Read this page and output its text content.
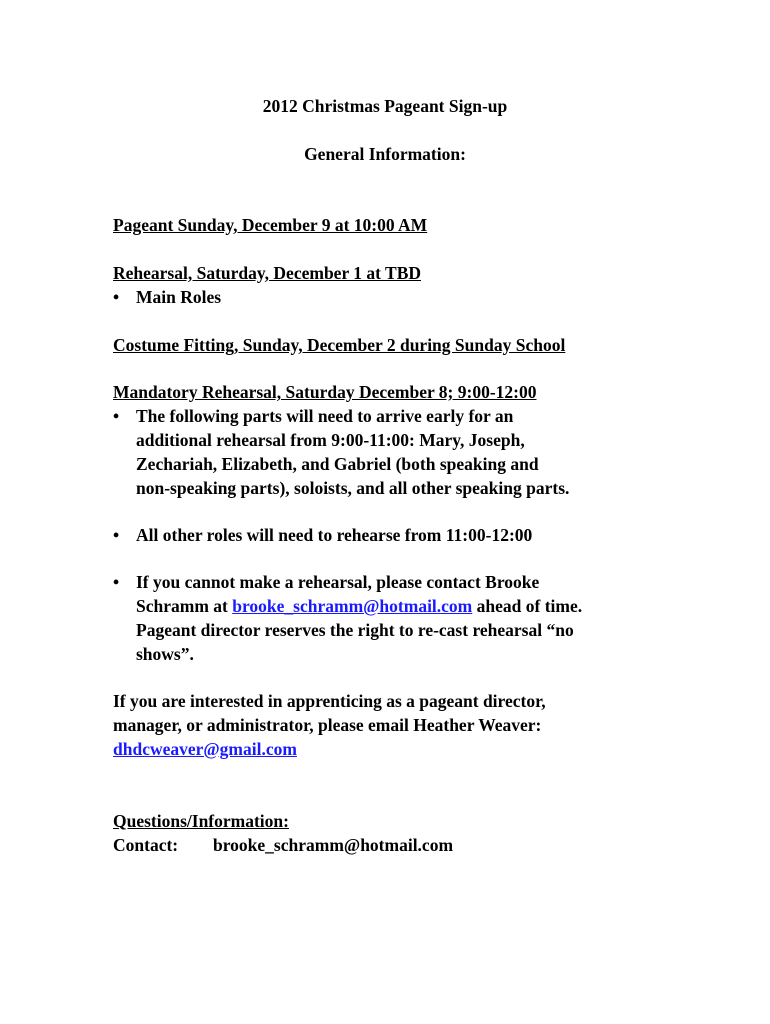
2012 Christmas Pageant Sign-up
General Information:
Pageant Sunday, December 9 at 10:00 AM
Rehearsal, Saturday, December 1 at TBD
• Main Roles
Costume Fitting, Sunday, December 2 during Sunday School
Mandatory Rehearsal, Saturday December 8; 9:00-12:00
• The following parts will need to arrive early for an
additional rehearsal from 9:00-11:00: Mary, Joseph,
Zechariah, Elizabeth, and Gabriel (both speaking and
non-speaking parts), soloists, and all other speaking parts.
• All other roles will need to rehearse from 11:00-12:00
• If you cannot make a rehearsal, please contact Brooke
Schramm at brooke_schramm@hotmail.com ahead of time.
Pageant director reserves the right to re-cast rehearsal “no
shows”.
If you are interested in apprenticing as a pageant director,
manager, or administrator, please email Heather Weaver:
dhdcweaver@gmail.com
Questions/Information:
Contact: brooke_schramm@hotmail.com
